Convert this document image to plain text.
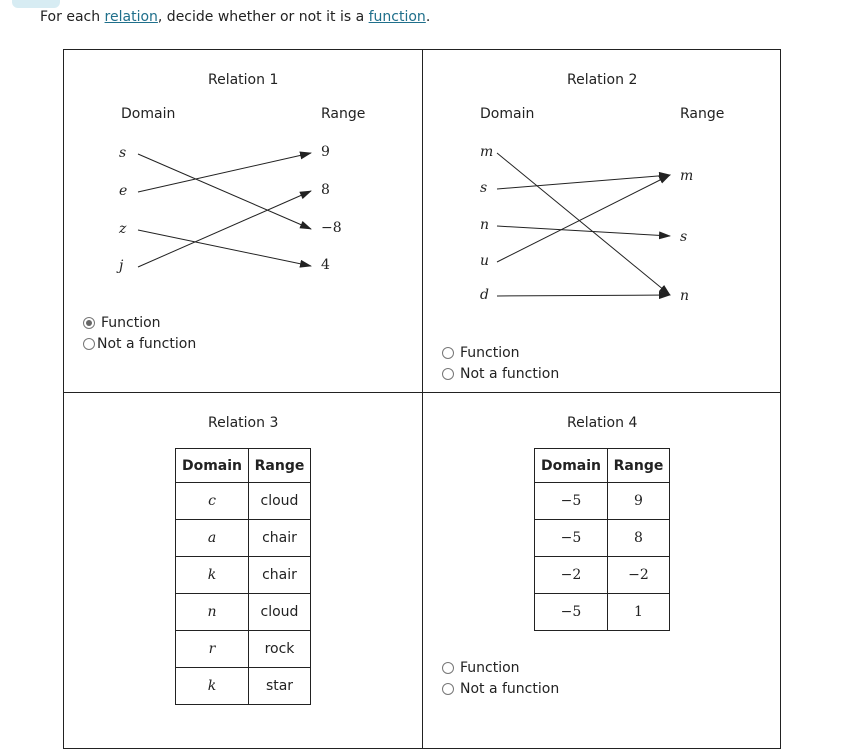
For each relation, decide whether or not it is a function.
Relation 1
Domain	Range
Function
Not a function
Relation 2
Domain	Range
Function
Not a function
Relation 3
Domain	Range
c	cloud
a	chair
k	chair
n	cloud
r	rock
k	star
Relation 4
Domain	Range
−5	9
−5	8
−2	−2
−5	1
Function
Not a function
s
e
z
j
9
8
−8
4
m
s
n
u
d
m
s
n
